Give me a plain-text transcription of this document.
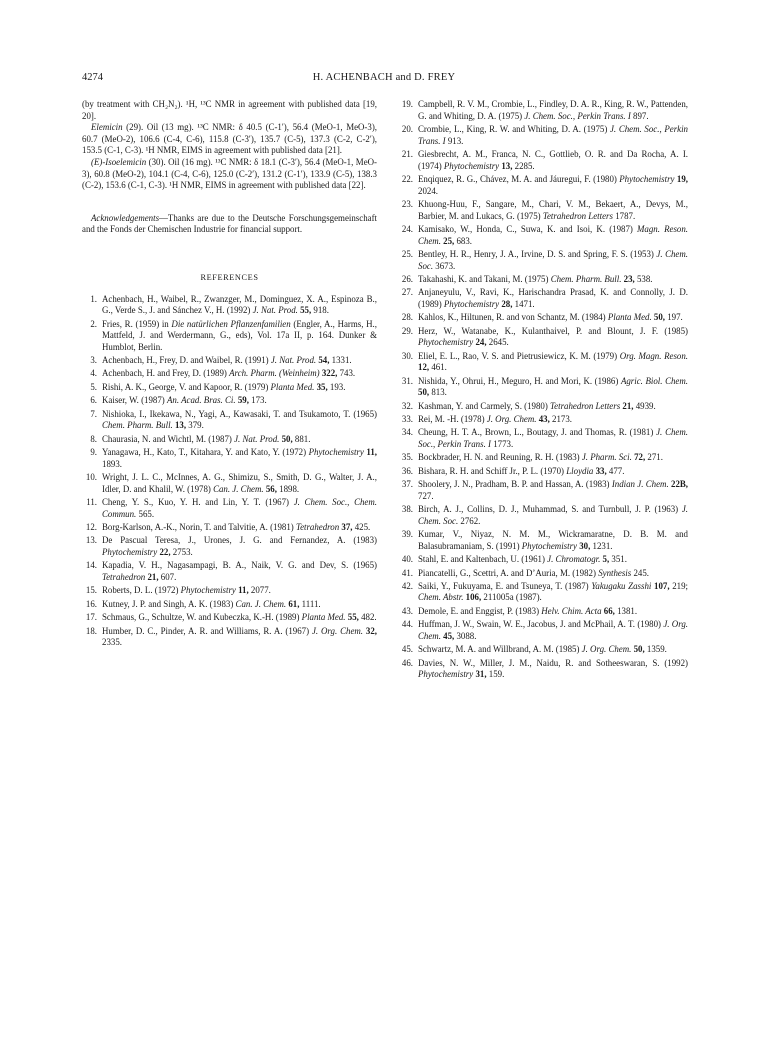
4274	H. ACHENBACH and D. FREY

(by treatment with CH₂N₂). ¹H, ¹³C NMR in agreement with published data [19, 20].

Elemicin (29). Oil (13 mg). ¹³C NMR: δ 40.5 (C-1′), 56.4 (MeO-1, MeO-3), 60.7 (MeO-2), 106.6 (C-4, C-6), 115.8 (C-3′), 135.7 (C-5), 137.3 (C-2, C-2′), 153.5 (C-1, C-3). ¹H NMR, EIMS in agreement with published data [21].

(E)-Isoelemicin (30). Oil (16 mg). ¹³C NMR: δ 18.1 (C-3′), 56.4 (MeO-1, MeO-3), 60.8 (MeO-2), 104.1 (C-4, C-6), 125.0 (C-2′), 131.2 (C-1′), 133.9 (C-5), 138.3 (C-2), 153.6 (C-1, C-3). ¹H NMR, EIMS in agreement with published data [22].

Acknowledgements—Thanks are due to the Deutsche Forschungsgemeinschaft and the Fonds der Chemischen Industrie for financial support.

REFERENCES
1. Achenbach, H., Waibel, R., Zwanzger, M., Dominguez, X. A., Espinoza B., G., Verde S., J. and Sánchez V., H. (1992) J. Nat. Prod. 55, 918.
2. Fries, R. (1959) in Die natürlichen Pflanzenfamilien (Engler, A., Harms, H., Mattfeld, J. and Werdermann, G., eds), Vol. 17a II, p. 164. Dunker & Humblot, Berlin.
3. Achenbach, H., Frey, D. and Waibel, R. (1991) J. Nat. Prod. 54, 1331.
4. Achenbach, H. and Frey, D. (1989) Arch. Pharm. (Weinheim) 322, 743.
5. Rishi, A. K., George, V. and Kapoor, R. (1979) Planta Med. 35, 193.
6. Kaiser, W. (1987) An. Acad. Bras. Ci. 59, 173.
7. Nishioka, I., Ikekawa, N., Yagi, A., Kawasaki, T. and Tsukamoto, T. (1965) Chem. Pharm. Bull. 13, 379.
8. Chaurasia, N. and Wichtl, M. (1987) J. Nat. Prod. 50, 881.
9. Yanagawa, H., Kato, T., Kitahara, Y. and Kato, Y. (1972) Phytochemistry 11, 1893.
10. Wright, J. L. C., McInnes, A. G., Shimizu, S., Smith, D. G., Walter, J. A., Idler, D. and Khalil, W. (1978) Can. J. Chem. 56, 1898.
11. Cheng, Y. S., Kuo, Y. H. and Lin, Y. T. (1967) J. Chem. Soc., Chem. Commun. 565.
12. Borg-Karlson, A.-K., Norin, T. and Talvitie, A. (1981) Tetrahedron 37, 425.
13. De Pascual Teresa, J., Urones, J. G. and Fernandez, A. (1983) Phytochemistry 22, 2753.
14. Kapadia, V. H., Nagasampagi, B. A., Naik, V. G. and Dev, S. (1965) Tetrahedron 21, 607.
15. Roberts, D. L. (1972) Phytochemistry 11, 2077.
16. Kutney, J. P. and Singh, A. K. (1983) Can. J. Chem. 61, 1111.
17. Schmaus, G., Schultze, W. and Kubeczka, K.-H. (1989) Planta Med. 55, 482.
18. Humber, D. C., Pinder, A. R. and Williams, R. A. (1967) J. Org. Chem. 32, 2335.
19. Campbell, R. V. M., Crombie, L., Findley, D. A. R., King, R. W., Pattenden, G. and Whiting, D. A. (1975) J. Chem. Soc., Perkin Trans. I 897.
20. Crombie, L., King, R. W. and Whiting, D. A. (1975) J. Chem. Soc., Perkin Trans. I 913.
21. Giesbrecht, A. M., Franca, N. C., Gottlieb, O. R. and Da Rocha, A. I. (1974) Phytochemistry 13, 2285.
22. Enqiquez, R. G., Chávez, M. A. and Jáuregui, F. (1980) Phytochemistry 19, 2024.
23. Khuong-Huu, F., Sangare, M., Chari, V. M., Bekaert, A., Devys, M., Barbier, M. and Lukacs, G. (1975) Tetrahedron Letters 1787.
24. Kamisako, W., Honda, C., Suwa, K. and Isoi, K. (1987) Magn. Reson. Chem. 25, 683.
25. Bentley, H. R., Henry, J. A., Irvine, D. S. and Spring, F. S. (1953) J. Chem. Soc. 3673.
26. Takahashi, K. and Takani, M. (1975) Chem. Pharm. Bull. 23, 538.
27. Anjaneyulu, V., Ravi, K., Harischandra Prasad, K. and Connolly, J. D. (1989) Phytochemistry 28, 1471.
28. Kahlos, K., Hiltunen, R. and von Schantz, M. (1984) Planta Med. 50, 197.
29. Herz, W., Watanabe, K., Kulanthaivel, P. and Blount, J. F. (1985) Phytochemistry 24, 2645.
30. Eliel, E. L., Rao, V. S. and Pietrusiewicz, K. M. (1979) Org. Magn. Reson. 12, 461.
31. Nishida, Y., Ohrui, H., Meguro, H. and Mori, K. (1986) Agric. Biol. Chem. 50, 813.
32. Kashman, Y. and Carmely, S. (1980) Tetrahedron Letters 21, 4939.
33. Rei, M. -H. (1978) J. Org. Chem. 43, 2173.
34. Cheung, H. T. A., Brown, L., Boutagy, J. and Thomas, R. (1981) J. Chem. Soc., Perkin Trans. I 1773.
35. Bockbrader, H. N. and Reuning, R. H. (1983) J. Pharm. Sci. 72, 271.
36. Bishara, R. H. and Schiff Jr., P. L. (1970) Lloydia 33, 477.
37. Shoolery, J. N., Pradham, B. P. and Hassan, A. (1983) Indian J. Chem. 22B, 727.
38. Birch, A. J., Collins, D. J., Muhammad, S. and Turnbull, J. P. (1963) J. Chem. Soc. 2762.
39. Kumar, V., Niyaz, N. M. M., Wickramaratne, D. B. M. and Balasubramaniam, S. (1991) Phytochemistry 30, 1231.
40. Stahl, E. and Kaltenbach, U. (1961) J. Chromatogr. 5, 351.
41. Piancatelli, G., Scettri, A. and D’Auria, M. (1982) Synthesis 245.
42. Saiki, Y., Fukuyama, E. and Tsuneya, T. (1987) Yakugaku Zasshi 107, 219; Chem. Abstr. 106, 211005a (1987).
43. Demole, E. and Enggist, P. (1983) Helv. Chim. Acta 66, 1381.
44. Huffman, J. W., Swain, W. E., Jacobus, J. and McPhail, A. T. (1980) J. Org. Chem. 45, 3088.
45. Schwartz, M. A. and Willbrand, A. M. (1985) J. Org. Chem. 50, 1359.
46. Davies, N. W., Miller, J. M., Naidu, R. and Sotheeswaran, S. (1992) Phytochemistry 31, 159.
